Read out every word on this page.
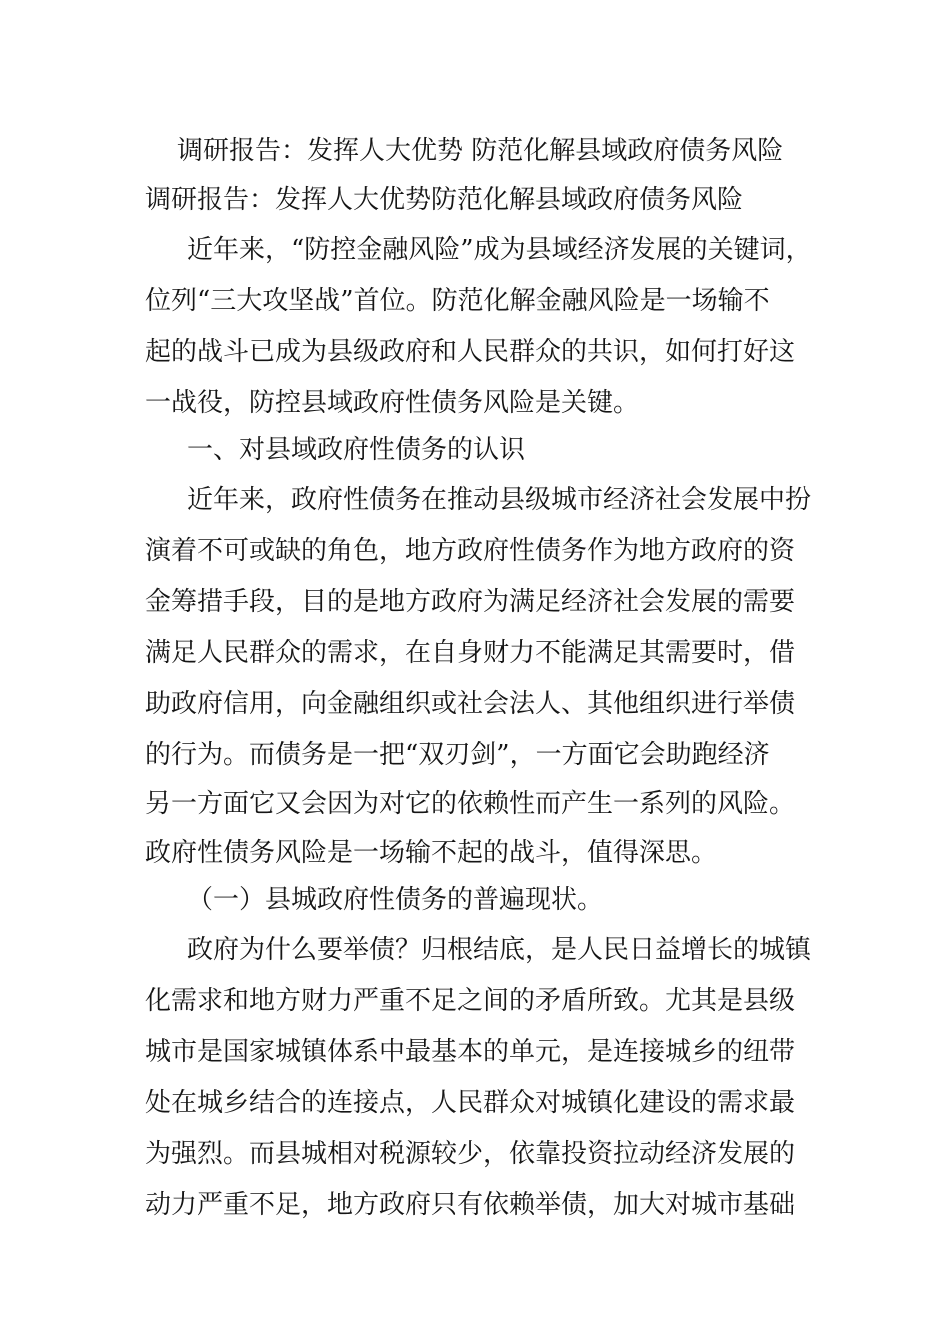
调研报告：发挥人大优势 防范化解县域政府债务风险
调研报告：发挥人大优势防范化解县域政府债务风险
近年来，“防控金融风险”成为县域经济发展的关键词，
位列“三大攻坚战”首位。防范化解金融风险是一场输不
起的战斗已成为县级政府和人民群众的共识，如何打好这
一战役，防控县域政府性债务风险是关键。
一、对县域政府性债务的认识
近年来，政府性债务在推动县级城市经济社会发展中扮
演着不可或缺的角色，地方政府性债务作为地方政府的资
金筹措手段，目的是地方政府为满足经济社会发展的需要
满足人民群众的需求，在自身财力不能满足其需要时，借
助政府信用，向金融组织或社会法人、其他组织进行举债
的行为。而债务是一把“双刃剑”，一方面它会助跑经济
另一方面它又会因为对它的依赖性而产生一系列的风险。
政府性债务风险是一场输不起的战斗，值得深思。
（一）县城政府性债务的普遍现状。
政府为什么要举债？归根结底，是人民日益增长的城镇
化需求和地方财力严重不足之间的矛盾所致。尤其是县级
城市是国家城镇体系中最基本的单元，是连接城乡的纽带
处在城乡结合的连接点，人民群众对城镇化建设的需求最
为强烈。而县城相对税源较少，依靠投资拉动经济发展的
动力严重不足，地方政府只有依赖举债，加大对城市基础
